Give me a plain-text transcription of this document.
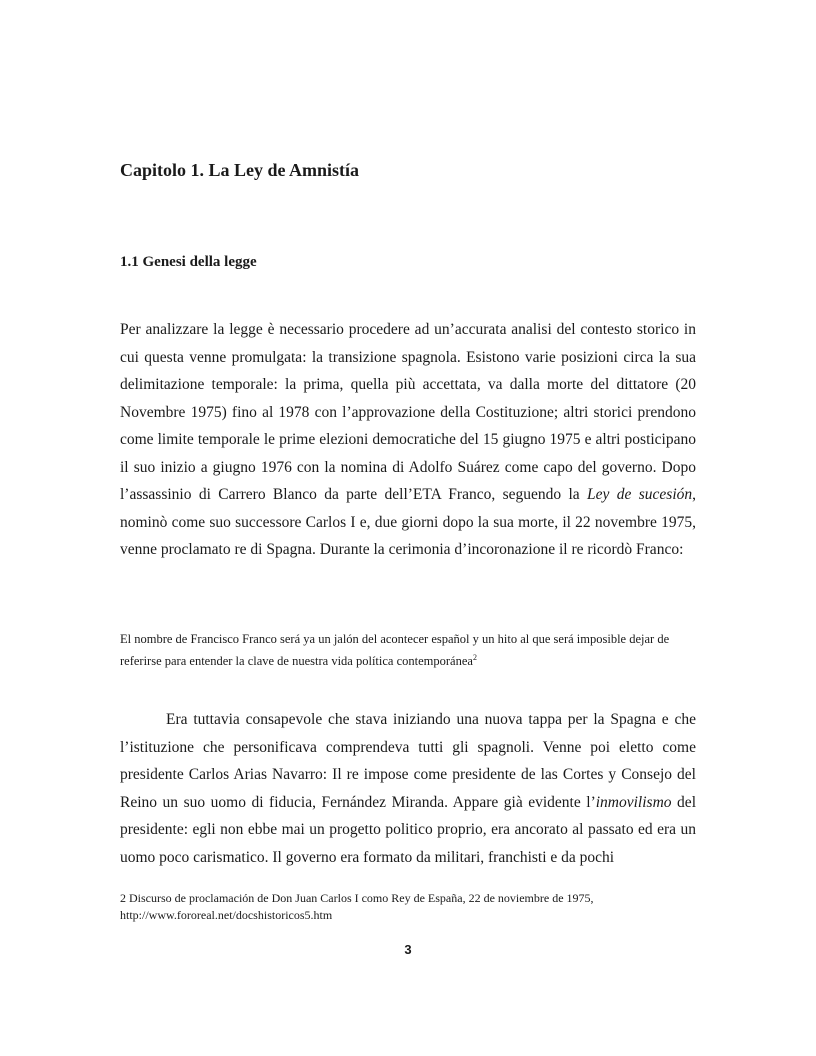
Capitolo 1. La Ley de Amnistía
1.1 Genesi della legge

Per analizzare la legge è necessario procedere ad un’accurata analisi del contesto storico in cui questa venne promulgata: la transizione spagnola. Esistono varie posizioni circa la sua delimitazione temporale: la prima, quella più accettata, va dalla morte del dittatore (20 Novembre 1975) fino al 1978 con l’approvazione della Costituzione; altri storici prendono come limite temporale le prime elezioni democratiche del 15 giugno 1975 e altri posticipano il suo inizio a giugno 1976 con la nomina di Adolfo Suárez come capo del governo. Dopo l’assassinio di Carrero Blanco da parte dell’ETA Franco, seguendo la Ley de sucesión, nominò come suo successore Carlos I e, due giorni dopo la sua morte, il 22 novembre 1975, venne proclamato re di Spagna. Durante la cerimonia d’incoronazione il re ricordò Franco:

El nombre de Francisco Franco será ya un jalón del acontecer español y un hito al que será imposible dejar de referirse para entender la clave de nuestra vida política contemporánea$^2$

Era tuttavia consapevole che stava iniziando una nuova tappa per la Spagna e che l’istituzione che personificava comprendeva tutti gli spagnoli. Venne poi eletto come presidente Carlos Arias Navarro: Il re impose come presidente de las Cortes y Consejo del Reino un suo uomo di fiducia, Fernández Miranda. Appare già evidente l’inmovilismo del presidente: egli non ebbe mai un progetto politico proprio, era ancorato al passato ed era un uomo poco carismatico. Il governo era formato da militari, franchisti e da pochi

2 Discurso de proclamación de Don Juan Carlos I como Rey de España, 22 de noviembre de 1975,
http://www.fororeal.net/docshistoricos5.htm

3
